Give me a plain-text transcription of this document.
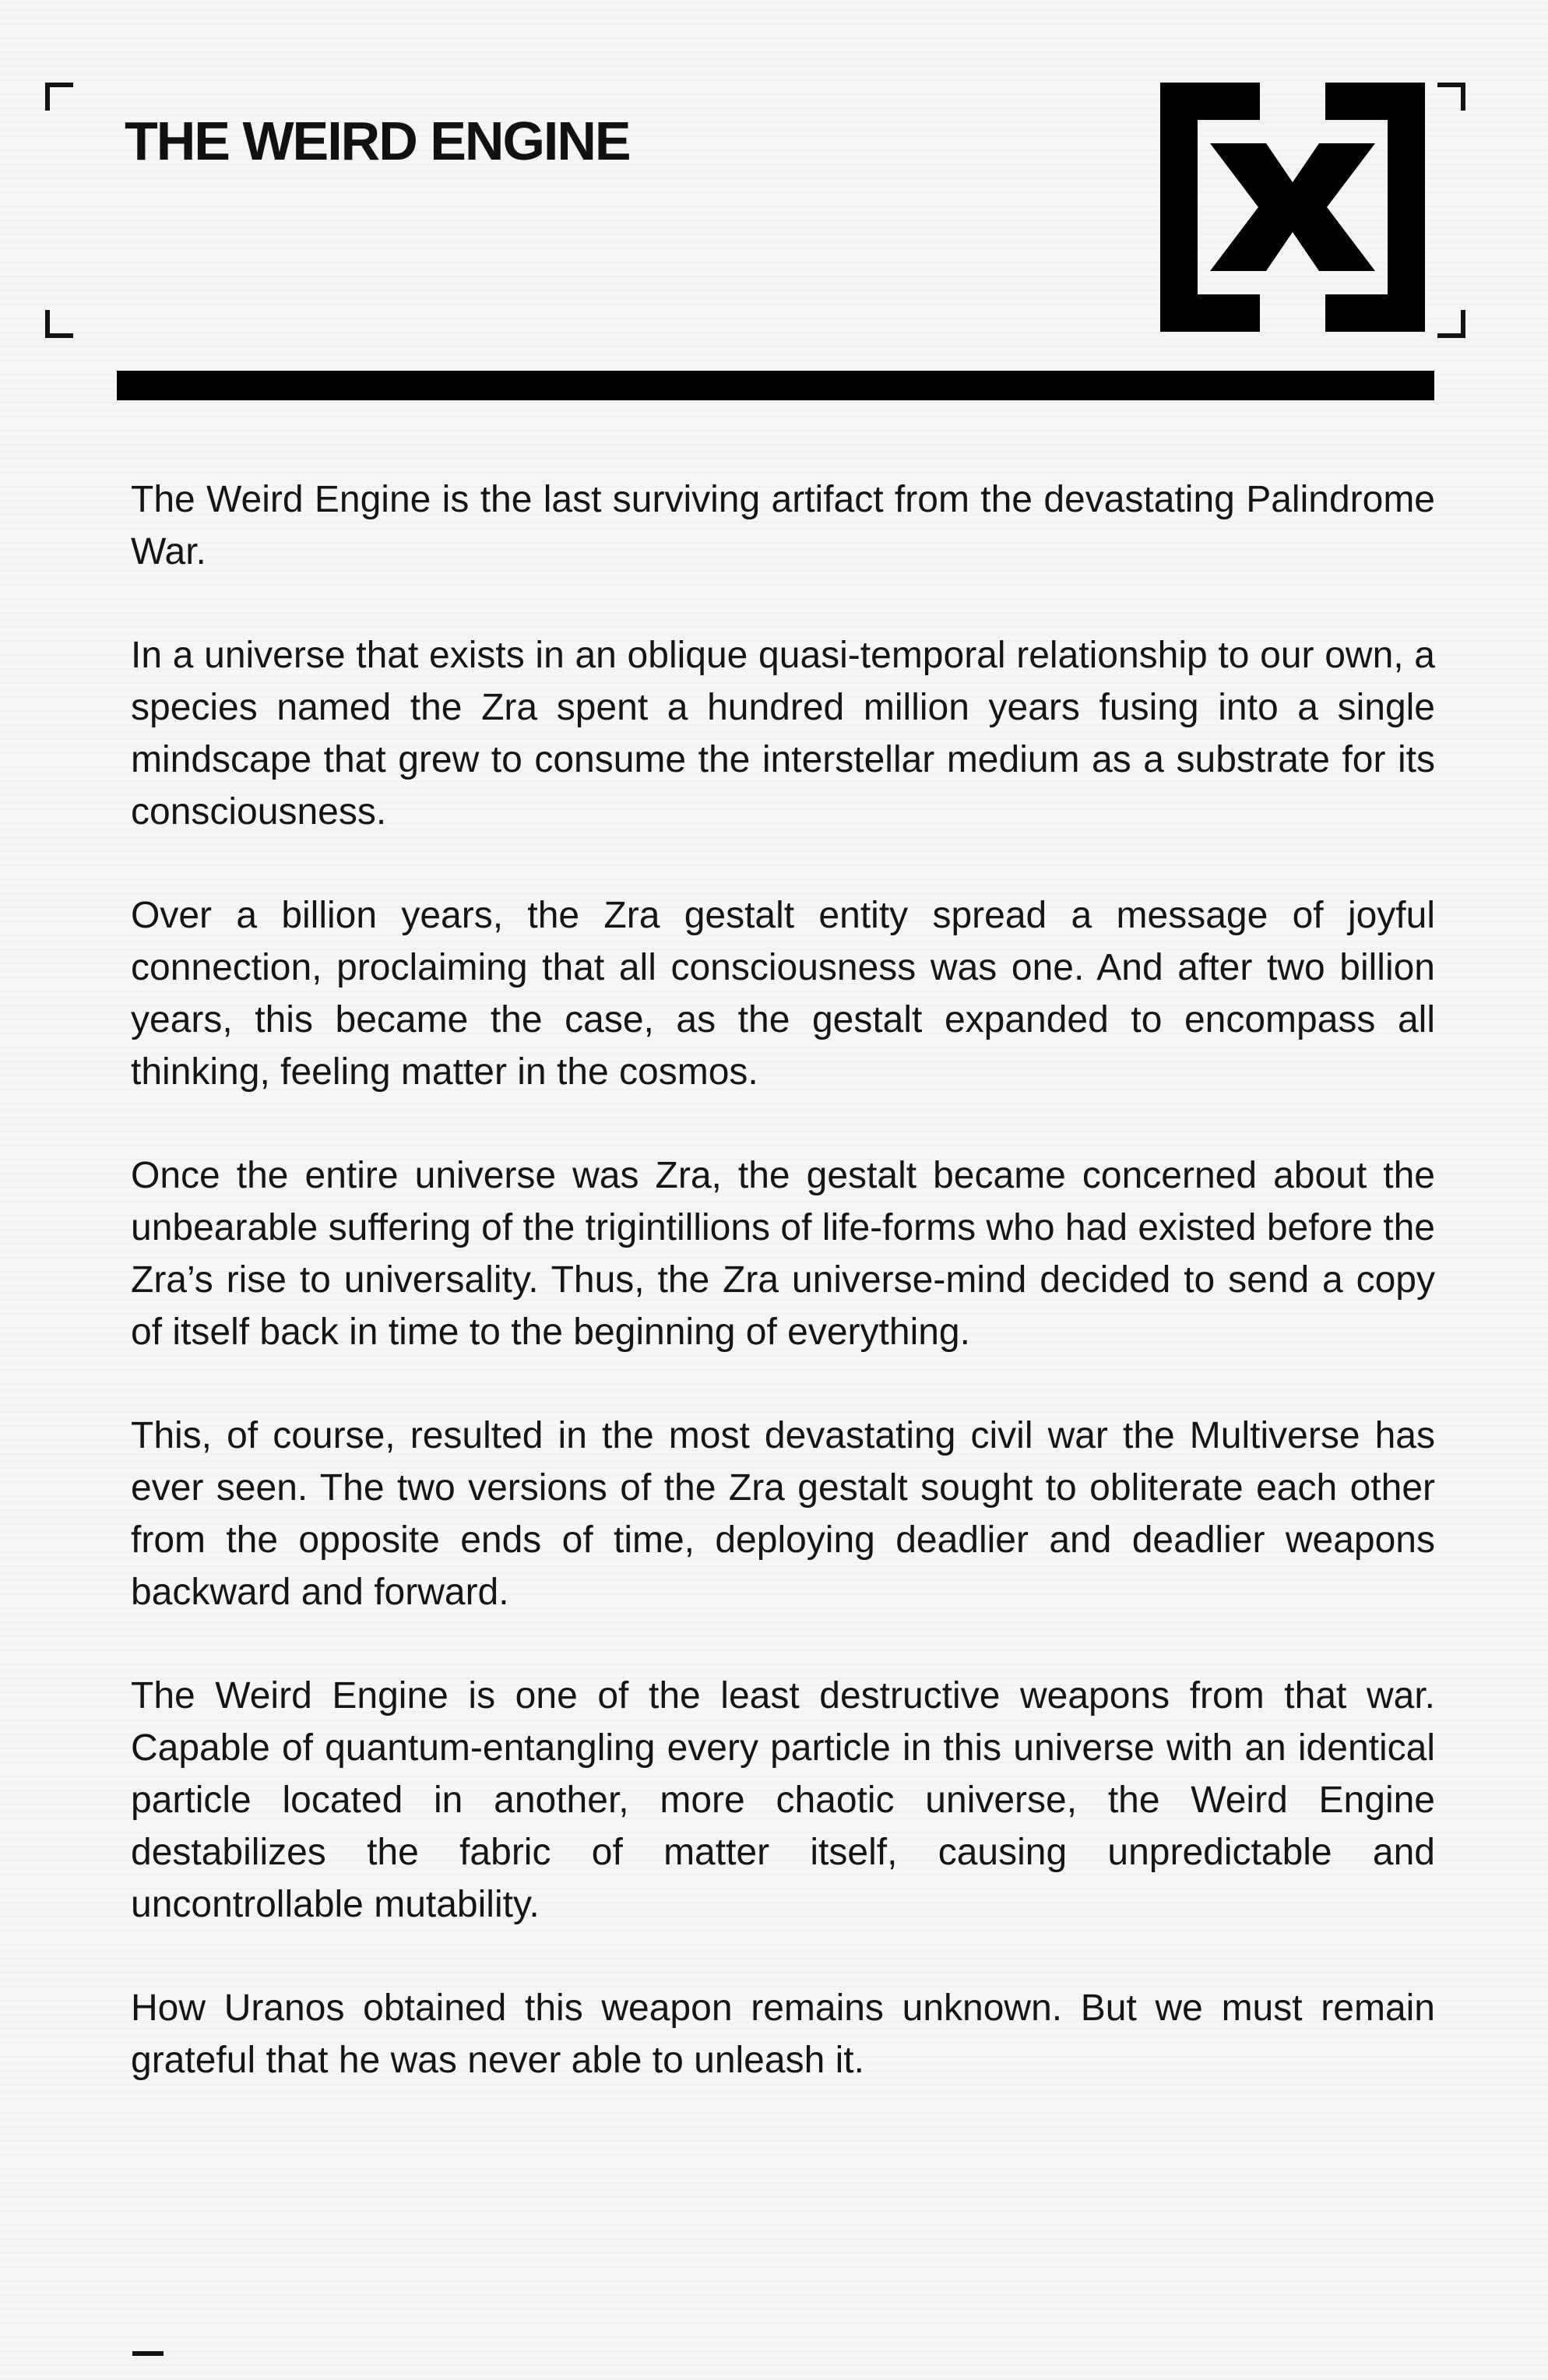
THE WEIRD ENGINE

The Weird Engine is the last surviving artifact from the devastating Palindrome War.

In a universe that exists in an oblique quasi-temporal relationship to our own, a species named the Zra spent a hundred million years fusing into a single mindscape that grew to consume the interstellar medium as a substrate for its consciousness.

Over a billion years, the Zra gestalt entity spread a message of joyful connection, proclaiming that all consciousness was one. And after two billion years, this became the case, as the gestalt expanded to encompass all thinking, feeling matter in the cosmos.

Once the entire universe was Zra, the gestalt became concerned about the unbearable suffering of the trigintillions of life-forms who had existed before the Zra’s rise to universality. Thus, the Zra universe-mind decided to send a copy of itself back in time to the beginning of everything.

This, of course, resulted in the most devastating civil war the Multiverse has ever seen. The two versions of the Zra gestalt sought to obliterate each other from the opposite ends of time, deploying deadlier and deadlier weapons backward and forward.

The Weird Engine is one of the least destructive weapons from that war. Capable of quantum-entangling every particle in this universe with an identical particle located in another, more chaotic universe, the Weird Engine destabilizes the fabric of matter itself, causing unpredictable and uncontrollable mutability.

How Uranos obtained this weapon remains unknown. But we must remain grateful that he was never able to unleash it.
